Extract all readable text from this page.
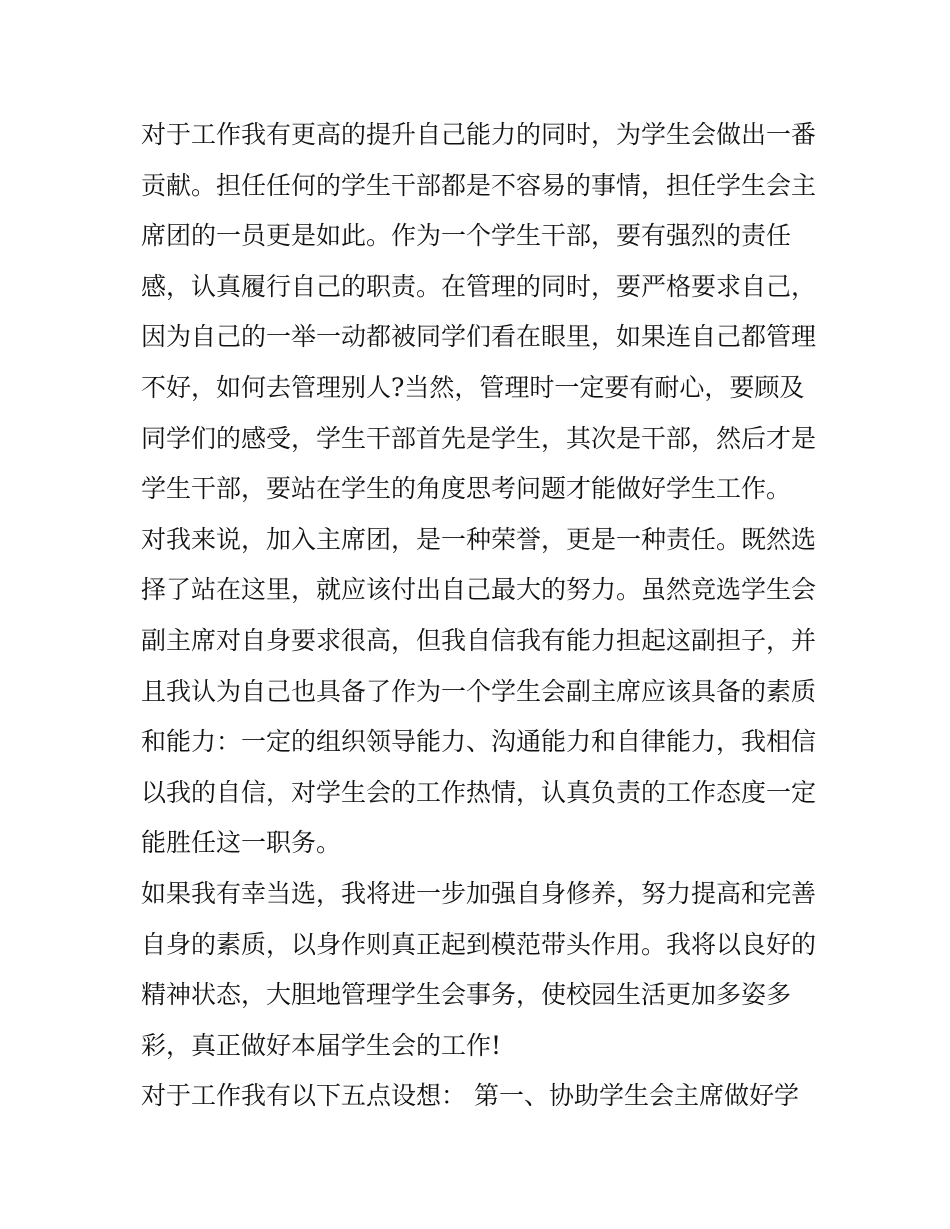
对于工作我有更高的提升自己能力的同时，为学生会做出一番
贡献。担任任何的学生干部都是不容易的事情，担任学生会主
席团的一员更是如此。作为一个学生干部，要有强烈的责任
感，认真履行自己的职责。在管理的同时，要严格要求自己，
因为自己的一举一动都被同学们看在眼里，如果连自己都管理
不好，如何去管理别人?当然，管理时一定要有耐心，要顾及
同学们的感受，学生干部首先是学生，其次是干部，然后才是
学生干部，要站在学生的角度思考问题才能做好学生工作。
对我来说，加入主席团，是一种荣誉，更是一种责任。既然选
择了站在这里，就应该付出自己最大的努力。虽然竞选学生会
副主席对自身要求很高，但我自信我有能力担起这副担子，并
且我认为自己也具备了作为一个学生会副主席应该具备的素质
和能力：一定的组织领导能力、沟通能力和自律能力，我相信
以我的自信，对学生会的工作热情，认真负责的工作态度一定
能胜任这一职务。
如果我有幸当选，我将进一步加强自身修养，努力提高和完善
自身的素质，以身作则真正起到模范带头作用。我将以良好的
精神状态，大胆地管理学生会事务，使校园生活更加多姿多
彩，真正做好本届学生会的工作!
对于工作我有以下五点设想： 第一、协助学生会主席做好学
